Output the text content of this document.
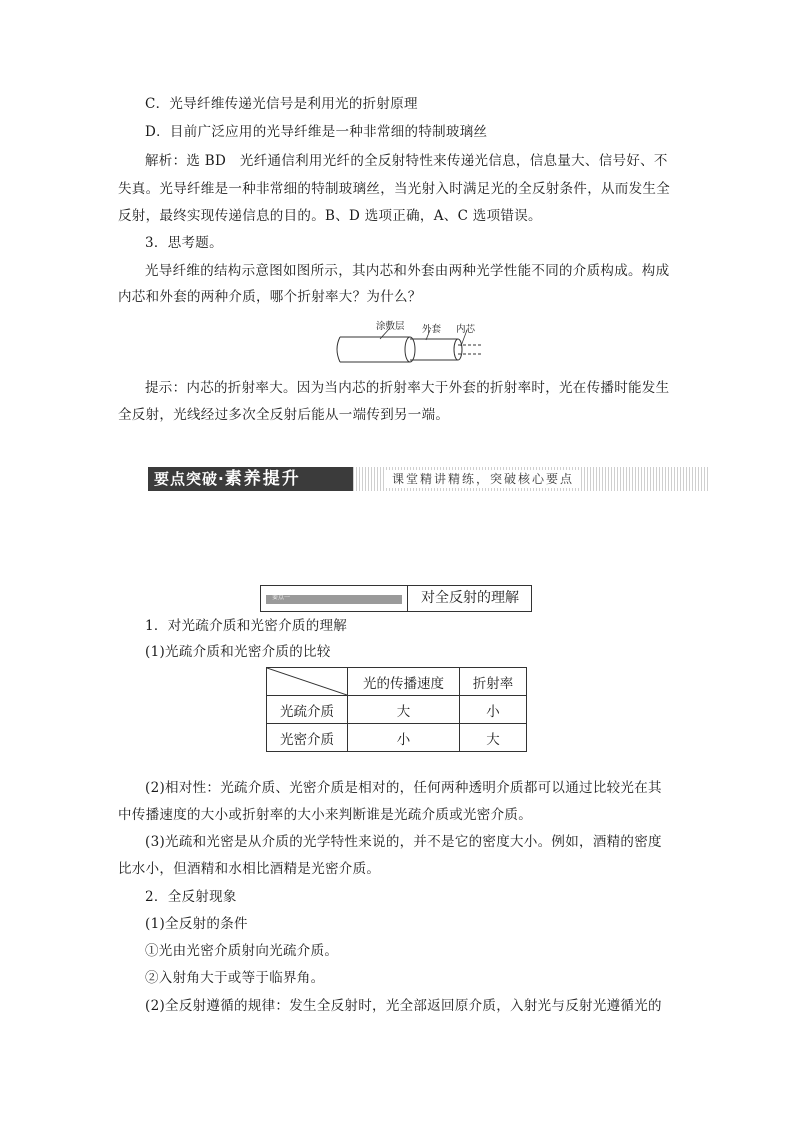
C．光导纤维传递光信号是利用光的折射原理
D．目前广泛应用的光导纤维是一种非常细的特制玻璃丝
解析：选 BD　光纤通信利用光纤的全反射特性来传递光信息，信息量大、信号好、不
失真。光导纤维是一种非常细的特制玻璃丝，当光射入时满足光的全反射条件，从而发生全
反射，最终实现传递信息的目的。B、D 选项正确，A、C 选项错误。
3．思考题。
光导纤维的结构示意图如图所示，其内芯和外套由两种光学性能不同的介质构成。构成
内芯和外套的两种介质，哪个折射率大？为什么？
涂敷层 外套 内芯
提示：内芯的折射率大。因为当内芯的折射率大于外套的折射率时，光在传播时能发生
全反射，光线经过多次全反射后能从一端传到另一端。
要点突破·素养提升	课堂精讲精练，突破核心要点
要点一	对全反射的理解
1．对光疏介质和光密介质的理解
(1)光疏介质和光密介质的比较
	光的传播速度	折射率
光疏介质	大	小
光密介质	小	大
(2)相对性：光疏介质、光密介质是相对的，任何两种透明介质都可以通过比较光在其
中传播速度的大小或折射率的大小来判断谁是光疏介质或光密介质。
(3)光疏和光密是从介质的光学特性来说的，并不是它的密度大小。例如，酒精的密度
比水小，但酒精和水相比酒精是光密介质。
2．全反射现象
(1)全反射的条件
①光由光密介质射向光疏介质。
②入射角大于或等于临界角。
(2)全反射遵循的规律：发生全反射时，光全部返回原介质，入射光与反射光遵循光的
